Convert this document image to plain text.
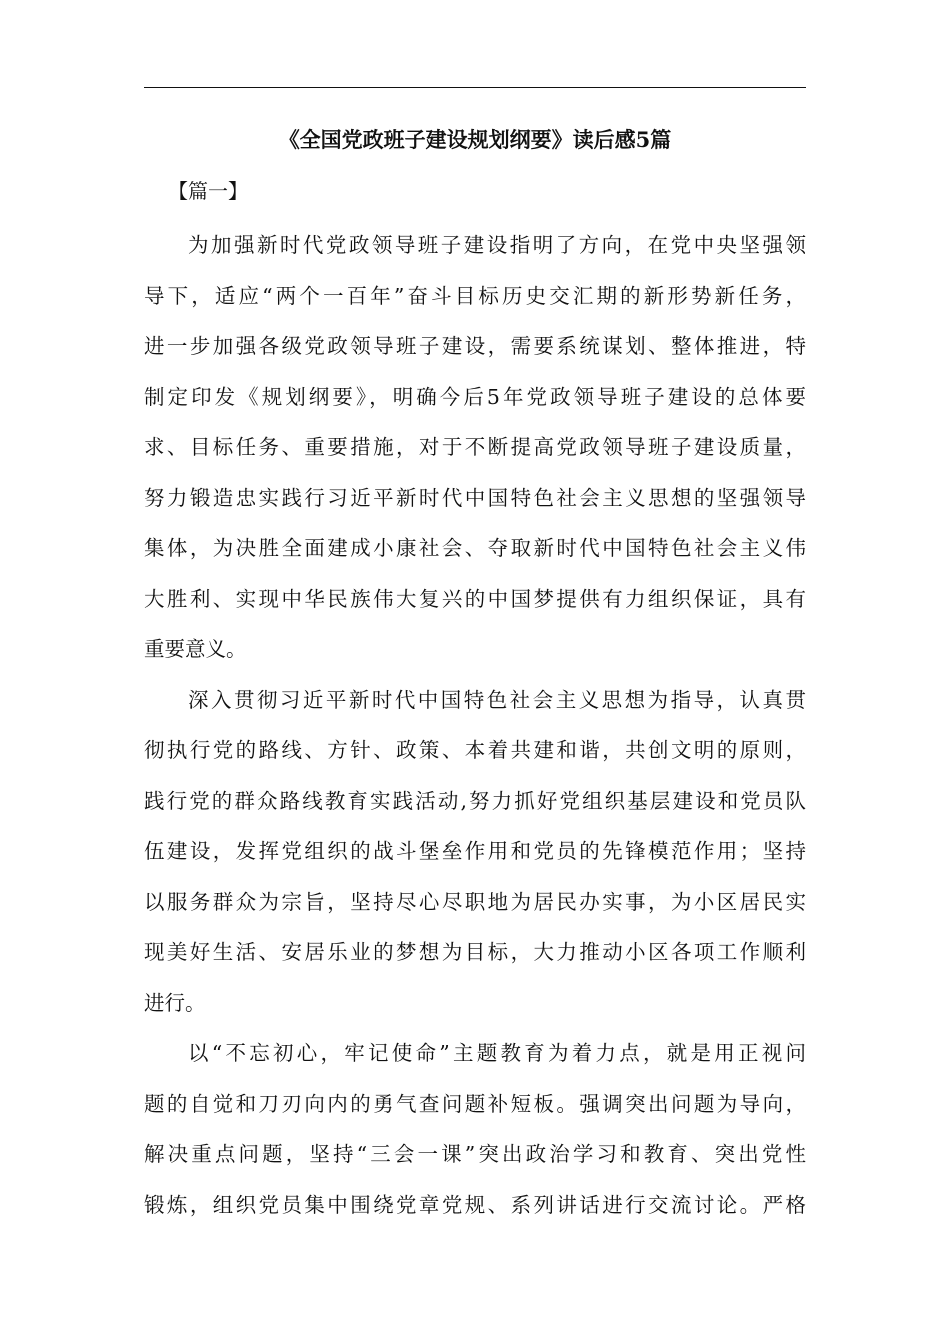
《全国党政班子建设规划纲要》读后感5篇
【篇一】
为加强新时代党政领导班子建设指明了方向，在党中央坚强领
导下，适应“两个一百年”奋斗目标历史交汇期的新形势新任务，
进一步加强各级党政领导班子建设，需要系统谋划、整体推进，特
制定印发《规划纲要》，明确今后5年党政领导班子建设的总体要
求、目标任务、重要措施，对于不断提高党政领导班子建设质量，
努力锻造忠实践行习近平新时代中国特色社会主义思想的坚强领导
集体，为决胜全面建成小康社会、夺取新时代中国特色社会主义伟
大胜利、实现中华民族伟大复兴的中国梦提供有力组织保证，具有
重要意义。
深入贯彻习近平新时代中国特色社会主义思想为指导，认真贯
彻执行党的路线、方针、政策、本着共建和谐，共创文明的原则，
践行党的群众路线教育实践活动,努力抓好党组织基层建设和党员队
伍建设，发挥党组织的战斗堡垒作用和党员的先锋模范作用；坚持
以服务群众为宗旨，坚持尽心尽职地为居民办实事，为小区居民实
现美好生活、安居乐业的梦想为目标，大力推动小区各项工作顺利
进行。
以“不忘初心，牢记使命”主题教育为着力点，就是用正视问
题的自觉和刀刃向内的勇气查问题补短板。强调突出问题为导向，
解决重点问题，坚持“三会一课”突出政治学习和教育、突出党性
锻炼，组织党员集中围绕党章党规、系列讲话进行交流讨论。严格
